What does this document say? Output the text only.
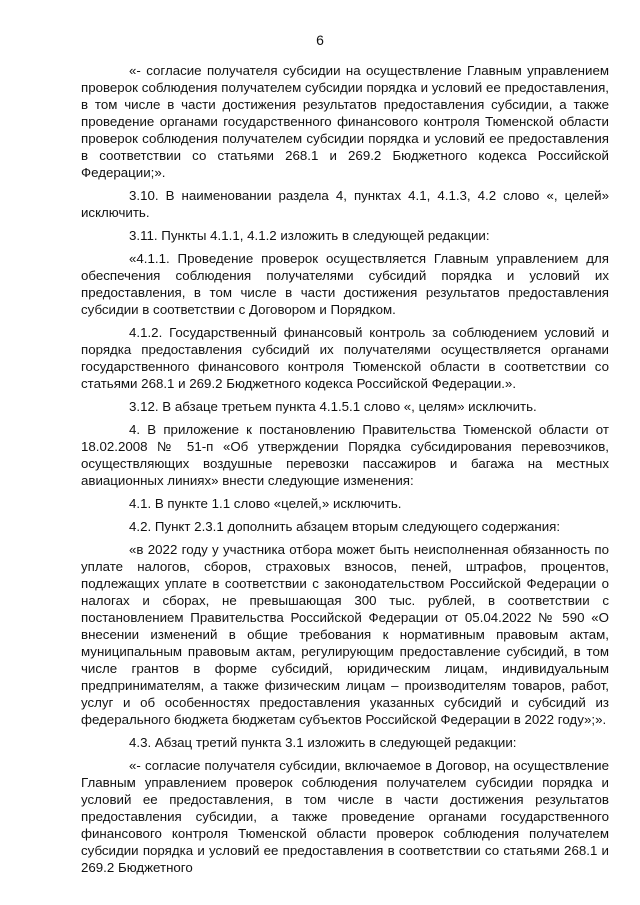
6

«- согласие получателя субсидии на осуществление Главным управлением проверок соблюдения получателем субсидии порядка и условий ее предоставления, в том числе в части достижения результатов предоставления субсидии, а также проведение органами государственного финансового контроля Тюменской области проверок соблюдения получателем субсидии порядка и условий ее предоставления в соответствии со статьями 268.1 и 269.2 Бюджетного кодекса Российской Федерации;».

3.10. В наименовании раздела 4, пунктах 4.1, 4.1.3, 4.2 слово «, целей» исключить.

3.11. Пункты 4.1.1, 4.1.2 изложить в следующей редакции:

«4.1.1. Проведение проверок осуществляется Главным управлением для обеспечения соблюдения получателями субсидий порядка и условий их предоставления, в том числе в части достижения результатов предоставления субсидии в соответствии с Договором и Порядком.

4.1.2. Государственный финансовый контроль за соблюдением условий и порядка предоставления субсидий их получателями осуществляется органами государственного финансового контроля Тюменской области в соответствии со статьями 268.1 и 269.2 Бюджетного кодекса Российской Федерации.».

3.12. В абзаце третьем пункта 4.1.5.1 слово «, целям» исключить.

4. В приложение к постановлению Правительства Тюменской области от 18.02.2008 № 51-п «Об утверждении Порядка субсидирования перевозчиков, осуществляющих воздушные перевозки пассажиров и багажа на местных авиационных линиях» внести следующие изменения:

4.1. В пункте 1.1 слово «целей,» исключить.

4.2. Пункт 2.3.1 дополнить абзацем вторым следующего содержания:

«в 2022 году у участника отбора может быть неисполненная обязанность по уплате налогов, сборов, страховых взносов, пеней, штрафов, процентов, подлежащих уплате в соответствии с законодательством Российской Федерации о налогах и сборах, не превышающая 300 тыс. рублей, в соответствии с постановлением Правительства Российской Федерации от 05.04.2022 № 590 «О внесении изменений в общие требования к нормативным правовым актам, муниципальным правовым актам, регулирующим предоставление субсидий, в том числе грантов в форме субсидий, юридическим лицам, индивидуальным предпринимателям, а также физическим лицам – производителям товаров, работ, услуг и об особенностях предоставления указанных субсидий и субсидий из федерального бюджета бюджетам субъектов Российской Федерации в 2022 году»;».

4.3. Абзац третий пункта 3.1 изложить в следующей редакции:

«- согласие получателя субсидии, включаемое в Договор, на осуществление Главным управлением проверок соблюдения получателем субсидии порядка и условий ее предоставления, в том числе в части достижения результатов предоставления субсидии, а также проведение органами государственного финансового контроля Тюменской области проверок соблюдения получателем субсидии порядка и условий ее предоставления в соответствии со статьями 268.1 и 269.2 Бюджетного
